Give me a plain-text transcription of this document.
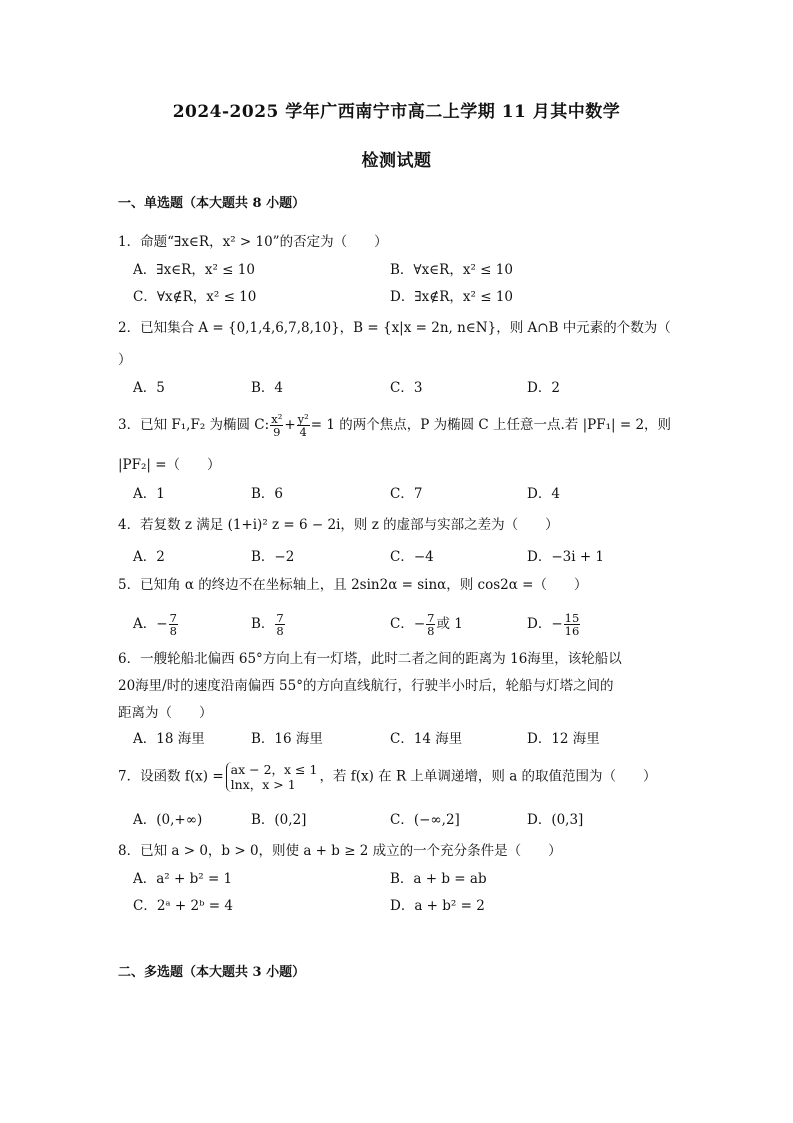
2024-2025 学年广西南宁市高二上学期 11 月其中数学
检测试题
一、单选题（本大题共 8 小题）
1．命题“∃x∈R，x² > 10”的否定为（　　）
A．∃x∈R，x² ≤ 10	B．∀x∈R，x² ≤ 10
C．∀x∉R，x² ≤ 10	D．∃x∉R，x² ≤ 10
2．已知集合 A = {0,1,4,6,7,8,10}，B = {x|x = 2n, n∈N}，则 A∩B 中元素的个数为（
）
A．5	B．4	C．3	D．2
3．已知 F₁,F₂ 为椭圆 C: $\frac{\text{x²}}{9} + \frac{\text{y²}}{4} = 1$ 的两个焦点，P 为椭圆 C 上任意一点.若 |PF₁| = 2，则
|PF₂| =（　　）
A．1	B．6	C．7	D．4
4．若复数 z 满足 (1+i)² z = 6 − 2i，则 z 的虚部与实部之差为（　　）
A．2	B．−2	C．−4	D．−3i + 1
5．已知角 α 的终边不在坐标轴上，且 2sin2α = sinα，则 cos2α =（　　）
A．− $\frac{7}{8}$	B． $\frac{7}{8}$	C．− $\frac{7}{8}$ 或 1	D．− $\frac{15}{16}$
6．一艘轮船北偏西 65°方向上有一灯塔，此时二者之间的距离为 16海里，该轮船以
20海里/时的速度沿南偏西 55°的方向直线航行，行驶半小时后，轮船与灯塔之间的
距离为（　　）
A．18 海里	B．16 海里	C．14 海里	D．12 海里
7．设函数 f(x) = ax − 2，x ≤ 1
lnx，x > 1	，若 f(x) 在 R 上单调递增，则 a 的取值范围为（　　）
A．(0,+∞)	B．(0,2]	C．(−∞,2]	D．(0,3]
8．已知 a > 0，b > 0，则使 a + b ≥ 2 成立的一个充分条件是（　　）
A．a² + b² = 1	B．a + b = ab
C．2ᵃ + 2ᵇ = 4	D．a + b² = 2
二、多选题（本大题共 3 小题）
